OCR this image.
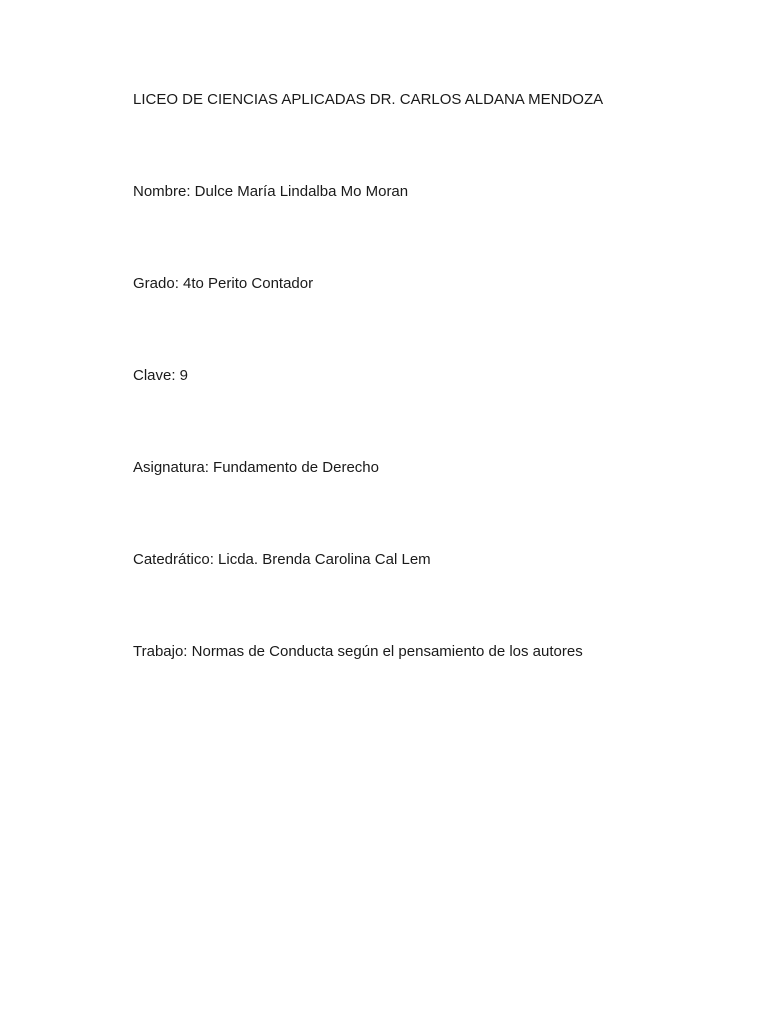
LICEO DE CIENCIAS APLICADAS DR. CARLOS ALDANA MENDOZA
Nombre: Dulce María Lindalba Mo Moran
Grado: 4to Perito Contador
Clave: 9
Asignatura: Fundamento de Derecho
Catedrático: Licda. Brenda Carolina Cal Lem
Trabajo: Normas de Conducta según el pensamiento de los autores
